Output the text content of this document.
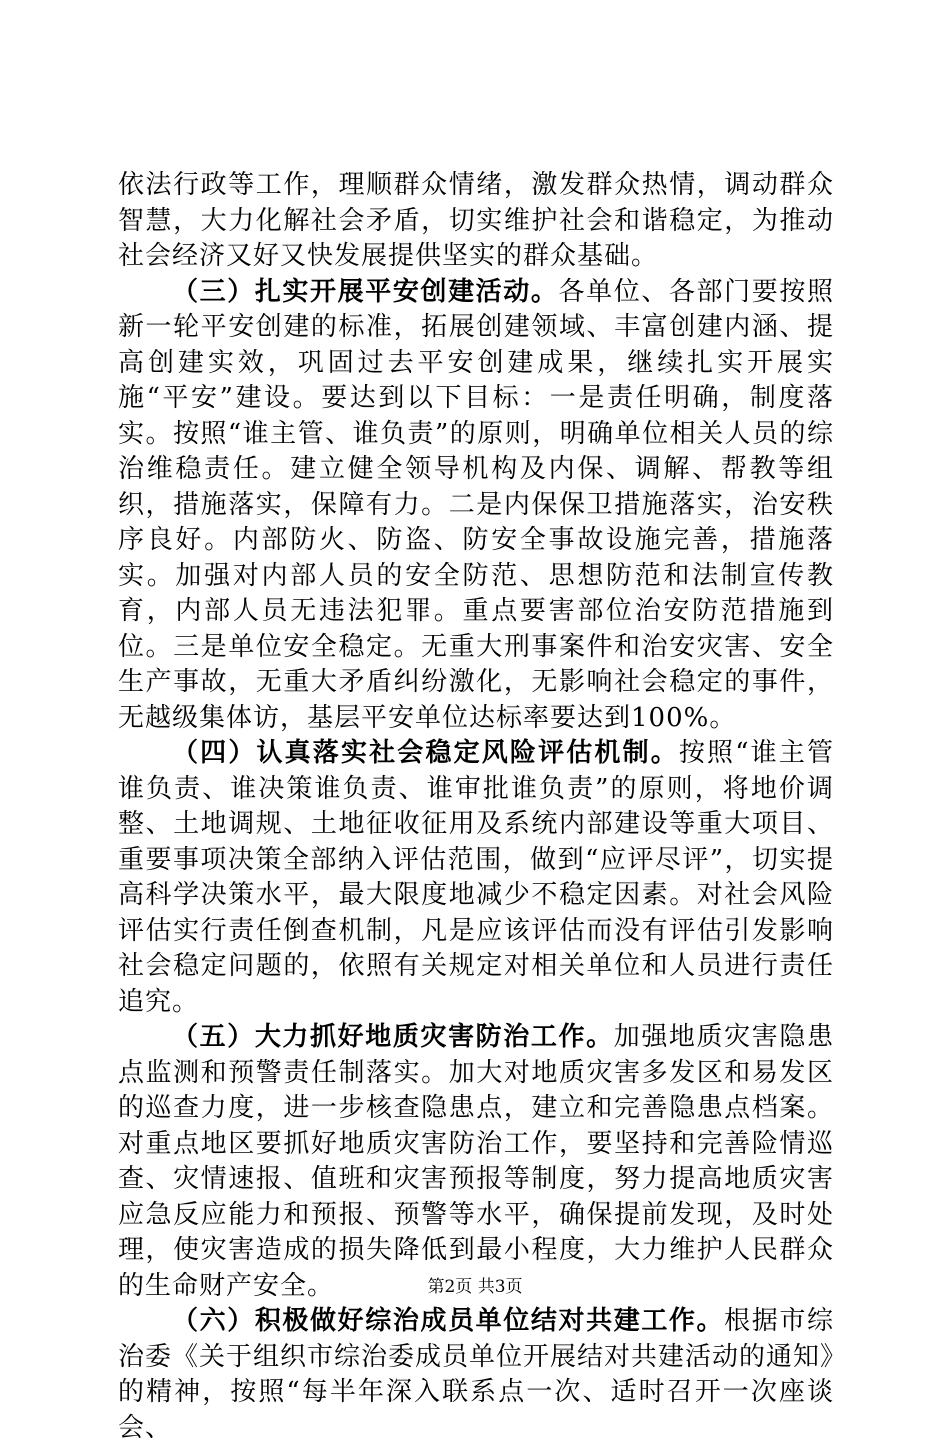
依法行政等工作，理顺群众情绪，激发群众热情，调动群众智慧，大力化解社会矛盾，切实维护社会和谐稳定，为推动社会经济又好又快发展提供坚实的群众基础。

（三）扎实开展平安创建活动。各单位、各部门要按照新一轮平安创建的标准，拓展创建领域、丰富创建内涵、提高创建实效，巩固过去平安创建成果，继续扎实开展实施“平安”建设。要达到以下目标：一是责任明确，制度落实。按照“谁主管、谁负责”的原则，明确单位相关人员的综治维稳责任。建立健全领导机构及内保、调解、帮教等组织，措施落实，保障有力。二是内保保卫措施落实，治安秩序良好。内部防火、防盗、防安全事故设施完善，措施落实。加强对内部人员的安全防范、思想防范和法制宣传教育，内部人员无违法犯罪。重点要害部位治安防范措施到位。三是单位安全稳定。无重大刑事案件和治安灾害、安全生产事故，无重大矛盾纠纷激化，无影响社会稳定的事件，无越级集体访，基层平安单位达标率要达到100%。

（四）认真落实社会稳定风险评估机制。按照“谁主管谁负责、谁决策谁负责、谁审批谁负责”的原则，将地价调整、土地调规、土地征收征用及系统内部建设等重大项目、重要事项决策全部纳入评估范围，做到“应评尽评”，切实提高科学决策水平，最大限度地减少不稳定因素。对社会风险评估实行责任倒查机制，凡是应该评估而没有评估引发影响社会稳定问题的，依照有关规定对相关单位和人员进行责任追究。

（五）大力抓好地质灾害防治工作。加强地质灾害隐患点监测和预警责任制落实。加大对地质灾害多发区和易发区的巡查力度，进一步核查隐患点，建立和完善隐患点档案。对重点地区要抓好地质灾害防治工作，要坚持和完善险情巡查、灾情速报、值班和灾害预报等制度，努力提高地质灾害应急反应能力和预报、预警等水平，确保提前发现，及时处理，使灾害造成的损失降低到最小程度，大力维护人民群众的生命财产安全。

（六）积极做好综治成员单位结对共建工作。根据市综治委《关于组织市综治委成员单位开展结对共建活动的通知》的精神，按照“每半年深入联系点一次、适时召开一次座谈会、

第2页 共3页
